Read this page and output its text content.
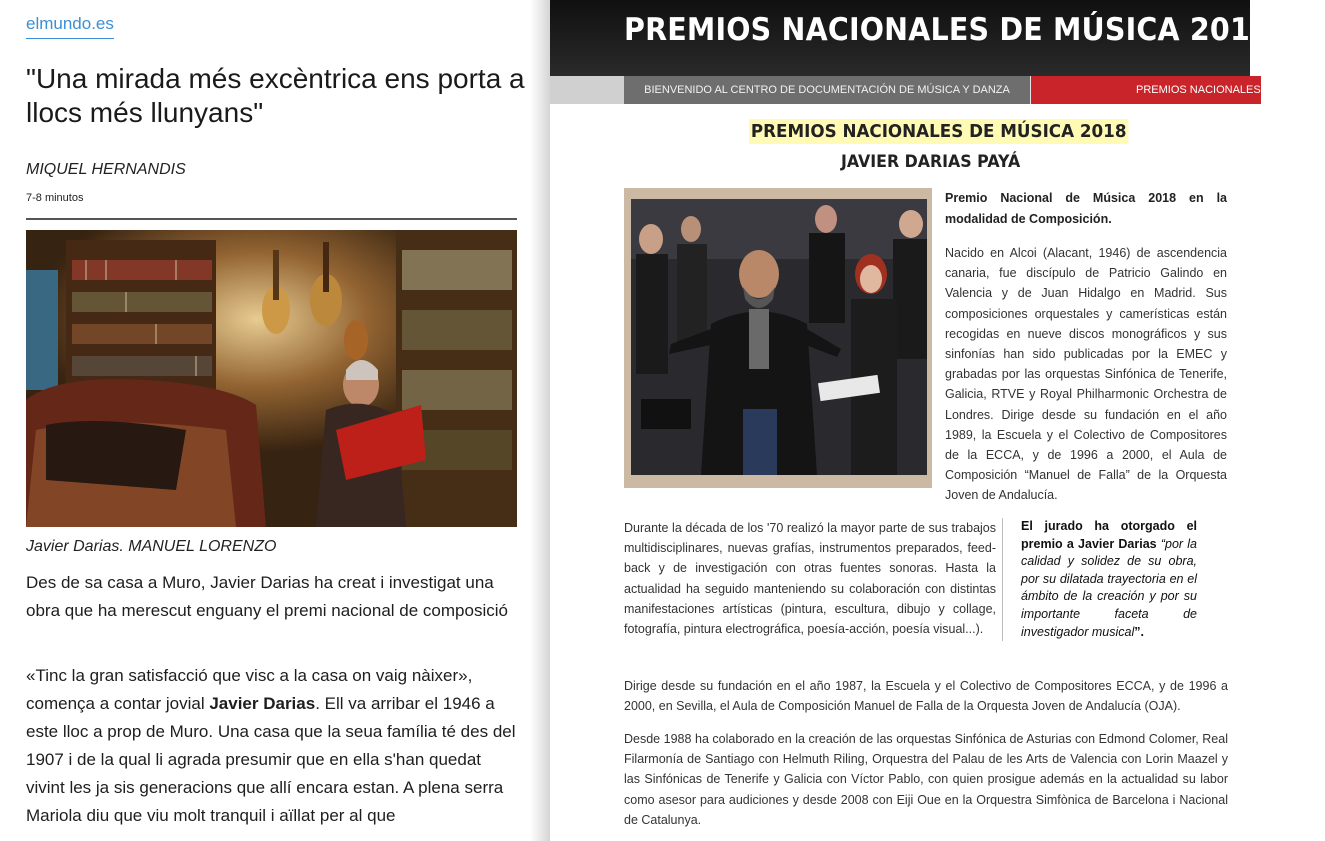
elmundo.es
"Una mirada més excèntrica ens porta a llocs més llunyans"
MIQUEL HERNANDIS
7-8 minutos
Javier Darias. MANUEL LORENZO

Des de sa casa a Muro, Javier Darias ha creat i investigat una obra que ha merescut enguany el premi nacional de composició

«Tinc la gran satisfacció que visc a la casa on vaig nàixer», comença a contar jovial Javier Darias. Ell va arribar el 1946 a este lloc a prop de Muro. Una casa que la seua família té des del 1907 i de la qual li agrada presumir que en ella s'han quedat vivint les ja sis generacions que allí encara estan. A plena serra Mariola diu que viu molt tranquil i aïllat per al que

PREMIOS NACIONALES DE MÚSICA 2018
BIENVENIDO AL CENTRO DE DOCUMENTACIÓN DE MÚSICA Y DANZA	PREMIOS NACIONALES DE MÚSICA
PREMIOS NACIONALES DE MÚSICA 2018
JAVIER DARIAS PAYÁ

Premio Nacional de Música 2018 en la modalidad de Composición.

Nacido en Alcoi (Alacant, 1946) de ascendencia canaria, fue discípulo de Patricio Galindo en Valencia y de Juan Hidalgo en Madrid. Sus composiciones orquestales y camerísticas están recogidas en nueve discos monográficos y sus sinfonías han sido publicadas por la EMEC y grabadas por las orquestas Sinfónica de Tenerife, Galicia, RTVE y Royal Philharmonic Orchestra de Londres. Dirige desde su fundación en el año 1989, la Escuela y el Colectivo de Compositores de la ECCA, y de 1996 a 2000, el Aula de Composición “Manuel de Falla” de la Orquesta Joven de Andalucía.

Durante la década de los '70 realizó la mayor parte de sus trabajos multidisciplinares, nuevas grafías, instrumentos preparados, feed-back y de investigación con otras fuentes sonoras. Hasta la actualidad ha seguido manteniendo su colaboración con distintas manifestaciones artísticas (pintura, escultura, dibujo y collage, fotografía, pintura electrográfica, poesía-acción, poesía visual...).

El jurado ha otorgado el premio a Javier Darias “por la calidad y solidez de su obra, por su dilatada trayectoria en el ámbito de la creación y por su importante faceta de investigador musical”.

Dirige desde su fundación en el año 1987, la Escuela y el Colectivo de Compositores ECCA, y de 1996 a 2000, en Sevilla, el Aula de Composición Manuel de Falla de la Orquesta Joven de Andalucía (OJA).

Desde 1988 ha colaborado en la creación de las orquestas Sinfónica de Asturias con Edmond Colomer, Real Filarmonía de Santiago con Helmuth Riling, Orquestra del Palau de les Arts de Valencia con Lorin Maazel y las Sinfónicas de Tenerife y Galicia con Víctor Pablo, con quien prosigue además en la actualidad su labor como asesor para audiciones y desde 2008 con Eiji Oue en la Orquestra Simfònica de Barcelona i Nacional de Catalunya.
